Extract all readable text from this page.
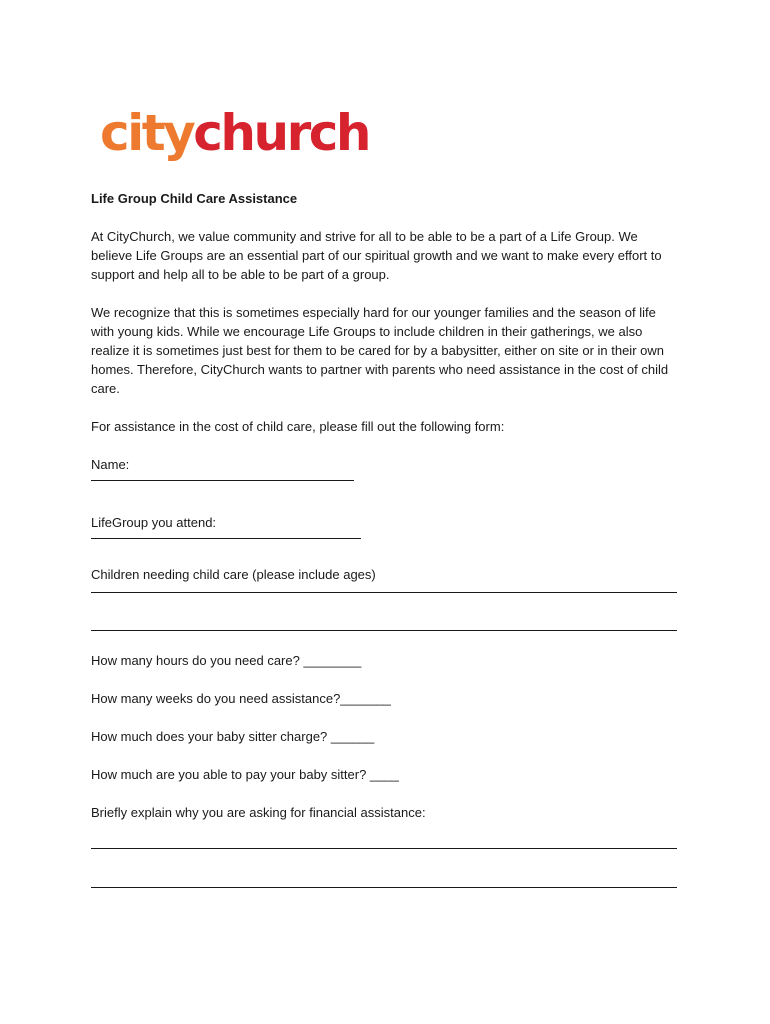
citychurch

Life Group Child Care Assistance

At CityChurch, we value community and strive for all to be able to be a part of a Life Group. We believe Life Groups are an essential part of our spiritual growth and we want to make every effort to support and help all to be able to be part of a group.

We recognize that this is sometimes especially hard for our younger families and the season of life with young kids. While we encourage Life Groups to include children in their gatherings, we also realize it is sometimes just best for them to be cared for by a babysitter, either on site or in their own homes. Therefore, CityChurch wants to partner with parents who need assistance in the cost of child care.

For assistance in the cost of child care, please fill out the following form:

Name:

LifeGroup you attend:

Children needing child care (please include ages)

How many hours do you need care? ________

How many weeks do you need assistance?_______

How much does your baby sitter charge? ______

How much are you able to pay your baby sitter? ____

Briefly explain why you are asking for financial assistance:
